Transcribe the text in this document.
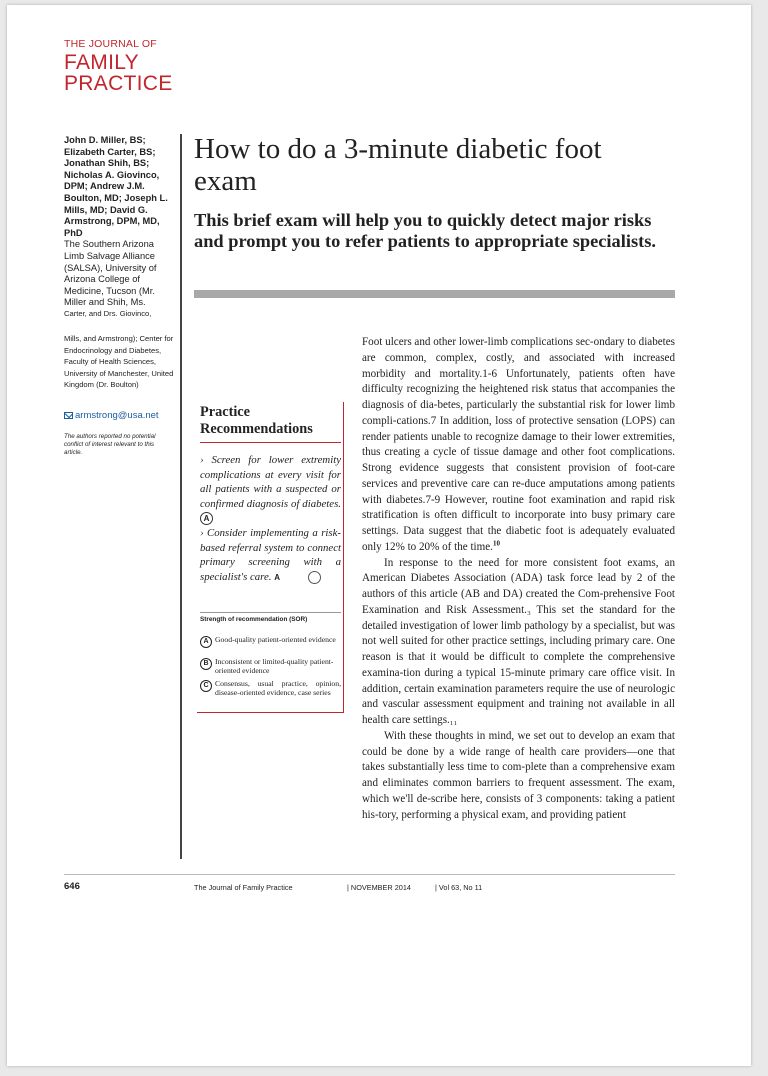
THE JOURNAL OF
FAMILY
PRACTICE
John D. Miller, BS; Elizabeth Carter, BS; Jonathan Shih, BS; Nicholas A. Giovinco, DPM; Andrew J.M. Boulton, MD; Joseph L. Mills, MD; David G. Armstrong, DPM, MD, PhD
The Southern Arizona Limb Salvage Alliance (SALSA), University of Arizona College of Medicine, Tucson (Mr. Miller and Shih, Ms.
Carter, and Drs. Giovinco,
Mills, and Armstrong); Center for Endocrinology and Diabetes, Faculty of Health Sciences, University of Manchester, United Kingdom (Dr. Boulton)
armstrong@usa.net
The authors reported no potential conflict of interest relevant to this article.
How to do a 3-minute diabetic foot exam
This brief exam will help you to quickly detect major risks and prompt you to refer patients to appropriate specialists.
Practice Recommendations

› Screen for lower extremity complications at every visit for all patients with a suspected or confirmed diagnosis of diabetes.A

› Consider implementing a risk-based referral system to connect primary screening with a specialist's care. A

Strength of recommendation (SOR)
A Good-quality patient-oriented evidence
B Inconsistent or limited-quality patient-oriented evidence
C Consensus, usual practice, opinion, disease-oriented evidence, case series

Foot ulcers and other lower-limb complications sec-ondary to diabetes are common, complex, costly, and associated with increased morbidity and mortality.1-6 Unfortunately, patients often have difficulty recognizing the heightened risk status that accompanies the diagnosis of dia-betes, particularly the substantial risk for lower limb compli-cations.7 In addition, loss of protective sensation (LOPS) can render patients unable to recognize damage to their lower extremities, thus creating a cycle of tissue damage and other foot complications. Strong evidence suggests that consistent provision of foot-care services and preventive care can re-duce amputations among patients with diabetes.7-9 However, routine foot examination and rapid risk stratification is often difficult to incorporate into busy primary care settings. Data suggest that the diabetic foot is adequately evaluated only 12% to 20% of the time.$^{10}$

In response to the need for more consistent foot exams, an American Diabetes Association (ADA) task force lead by 2 of the authors of this article (AB and DA) created the Com-prehensive Foot Examination and Risk Assessment.₃ This set the standard for the detailed investigation of lower limb pathology by a specialist, but was not well suited for other practice settings, including primary care. One reason is that it would be difficult to complete the comprehensive examina-tion during a typical 15-minute primary care office visit. In addition, certain examination parameters require the use of neurologic and vascular assessment equipment and training not available in all health care settings.₁₁

With these thoughts in mind, we set out to develop an exam that could be done by a wide range of health care providers—one that takes substantially less time to com-plete than a comprehensive exam and eliminates common barriers to frequent assessment. The exam, which we'll de-scribe here, consists of 3 components: taking a patient his-tory, performing a physical exam, and providing patient

646	The Journal of Family Practice	| NOVEMBER 2014	| Vol 63, No 11
